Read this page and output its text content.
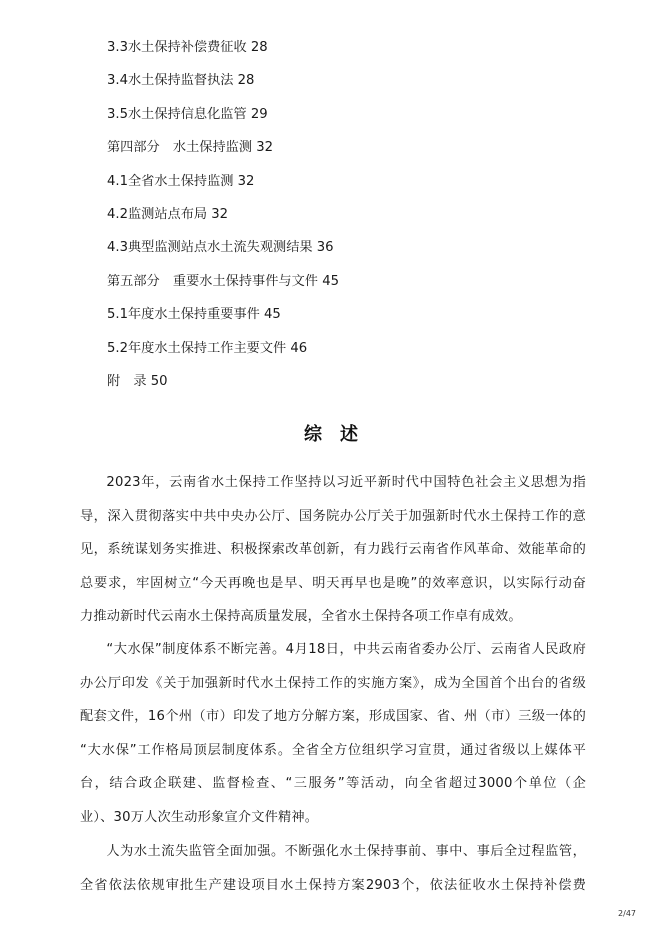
3.3水土保持补偿费征收 28
3.4水土保持监督执法 28
3.5水土保持信息化监管 29
第四部分　水土保持监测 32
4.1全省水土保持监测 32
4.2监测站点布局 32
4.3典型监测站点水土流失观测结果 36
第五部分　重要水土保持事件与文件 45
5.1年度水土保持重要事件 45
5.2年度水土保持工作主要文件 46
附　录 50
综　述

2023年，云南省水土保持工作坚持以习近平新时代中国特色社会主义思想为指
导，深入贯彻落实中共中央办公厅、国务院办公厅关于加强新时代水土保持工作的意
见，系统谋划务实推进、积极探索改革创新，有力践行云南省作风革命、效能革命的
总要求，牢固树立“今天再晚也是早、明天再早也是晚”的效率意识，以实际行动奋
力推动新时代云南水土保持高质量发展，全省水土保持各项工作卓有成效。

“大水保”制度体系不断完善。4月18日，中共云南省委办公厅、云南省人民政府
办公厅印发《关于加强新时代水土保持工作的实施方案》，成为全国首个出台的省级
配套文件，16个州（市）印发了地方分解方案，形成国家、省、州（市）三级一体的
“大水保”工作格局顶层制度体系。全省全方位组织学习宣贯，通过省级以上媒体平
台，结合政企联建、监督检查、“三服务”等活动，向全省超过3000个单位（企
业）、30万人次生动形象宣介文件精神。

人为水土流失监管全面加强。不断强化水土保持事前、事中、事后全过程监管，
全省依法依规审批生产建设项目水土保持方案2903个，依法征收水土保持补偿费

2/47
